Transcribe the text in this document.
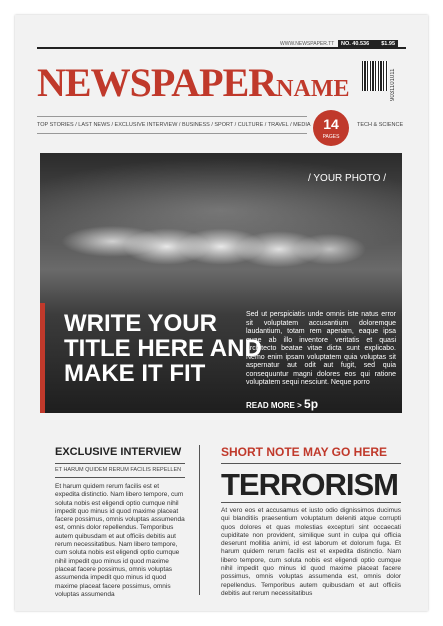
WWW.NEWSPAPER.TT NO. 40.536 $1.95
NEWSPAPERNAME	9031101011
TOP STORIES / LAST NEWS / EXCLUSIVE INTERVIEW / BUSINESS / SPORT / CULTURE / TRAVEL / MEDIA 14
PAGES
TECH & SCIENCE
/ YOUR PHOTO /
WRITE YOUR TITLE HERE AND MAKE IT FIT

Sed ut perspiciatis unde omnis iste natus error sit voluptatem accusantium doloremque laudantium, totam rem aperiam, eaque ipsa quae ab illo inventore veritatis et quasi architecto beatae vitae dicta sunt explicabo. Nemo enim ipsam voluptatem quia voluptas sit aspernatur aut odit aut fugit, sed quia consequuntur magni dolores eos qui ratione voluptatem sequi nesciunt. Neque porro

READ MORE > 5p
EXCLUSIVE INTERVIEW
ET HARUM QUIDEM RERUM FACILIS REPELLEN

Et harum quidem rerum facilis est et expedita distinctio. Nam libero tempore, cum soluta nobis est eligendi optio cumque nihil impedit quo minus id quod maxime placeat facere possimus, omnis voluptas assumenda est, omnis dolor repellendus. Temporibus autem quibusdam et aut officiis debitis aut rerum necessitatibus. Nam libero tempore, cum soluta nobis est eligendi optio cumque nihil impedit quo minus id quod maxime placeat facere possimus, omnis voluptas assumenda impedit quo minus id quod maxime placeat facere possimus, omnis voluptas assumenda

SHORT NOTE MAY GO HERE
TERRORISM

At vero eos et accusamus et iusto odio dignissimos ducimus qui blanditiis praesentium voluptatum deleniti atque corrupti quos dolores et quas molestias excepturi sint occaecati cupiditate non provident, similique sunt in culpa qui officia deserunt mollitia animi, id est laborum et dolorum fuga. Et harum quidem rerum facilis est et expedita distinctio. Nam libero tempore, cum soluta nobis est eligendi optio cumque nihil impedit quo minus id quod maxime placeat facere possimus, omnis voluptas assumenda est, omnis dolor repellendus. Temporibus autem quibusdam et aut officiis debitis aut rerum necessitatibus
